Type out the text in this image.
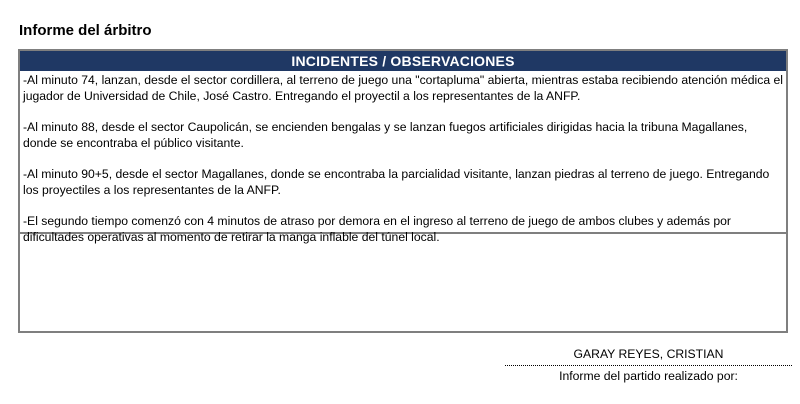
Informe del árbitro
INCIDENTES / OBSERVACIONES

-Al minuto 74, lanzan, desde el sector cordillera, al terreno de juego una "cortapluma" abierta, mientras estaba recibiendo atención médica el jugador de Universidad de Chile, José Castro. Entregando el proyectil a los representantes de la ANFP.

-Al minuto 88, desde el sector Caupolicán, se encienden bengalas y se lanzan fuegos artificiales dirigidas hacia la tribuna Magallanes, donde se encontraba el público visitante.

-Al minuto 90+5, desde el sector Magallanes, donde se encontraba la parcialidad visitante, lanzan piedras al terreno de juego. Entregando los proyectiles a los representantes de la ANFP.

-El segundo tiempo comenzó con 4 minutos de atraso por demora en el ingreso al terreno de juego de ambos clubes y además por dificultades operativas al momento de retirar la manga inflable del túnel local.

GARAY REYES, CRISTIAN
Informe del partido realizado por:
